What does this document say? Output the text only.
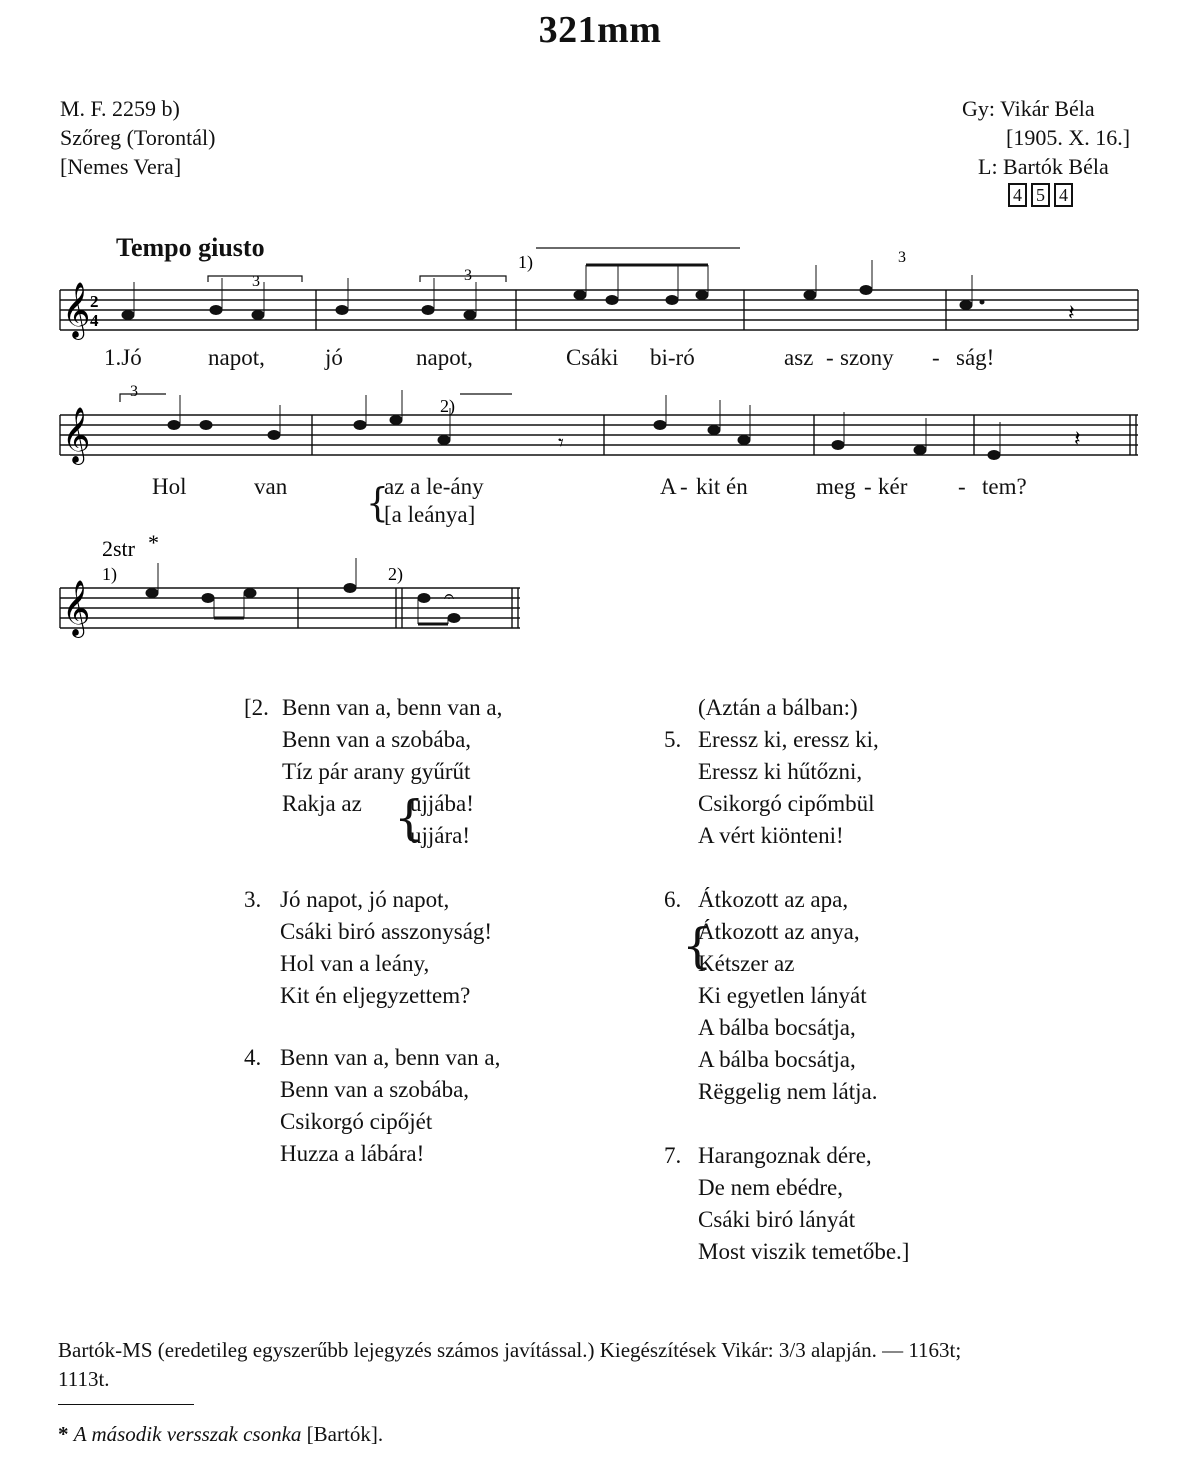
321mm
M. F. 2259 b)
Szőreg (Torontál)
[Nemes Vera]
Gy: Vikár Béla
[1905. X. 16.]
L: Bartók Béla
4 5 4
Tempo giusto
𝄞 2
4	𝄽
3	3
3
1)
𝄞	𝄾	𝄽
3
2)
2str *
1)
𝄞
2)
𝄐
1.Jó	napot,	jó	napot,	Csáki bi-ró	asz - szony - ság!
Hol	van {
az a le-ány
[a leánya]
A - kit én	meg - kér - tem?
[2. Benn van a, benn van a,
Benn van a szobába,
Tíz pár arany gyűrűt
Rakja az {
ujjába!
ujjára!
3. Jó napot, jó napot,
Csáki biró asszonyság!
Hol van a leány,
Kit én eljegyzettem?
4. Benn van a, benn van a,
Benn van a szobába,
Csikorgó cipőjét
Huzza a lábára!
(Aztán a bálban:)
5. Eressz ki, eressz ki,
Eressz ki hűtőzni,
Csikorgó cipőmbül
A vért kiönteni!
6. Átkozott az apa,
{
Átkozott az anya,
Kétszer az
Ki egyetlen lányát
A bálba bocsátja,
A bálba bocsátja,
Rëggelig nem látja.
7. Harangoznak dére,
De nem ebédre,
Csáki biró lányát
Most viszik temetőbe.]
Bartók-MS (eredetileg egyszerűbb lejegyzés számos javítással.) Kiegészítések Vikár: 3/3 alapján. — 1163t;
1113t.
* A második versszak csonka [Bartók].
